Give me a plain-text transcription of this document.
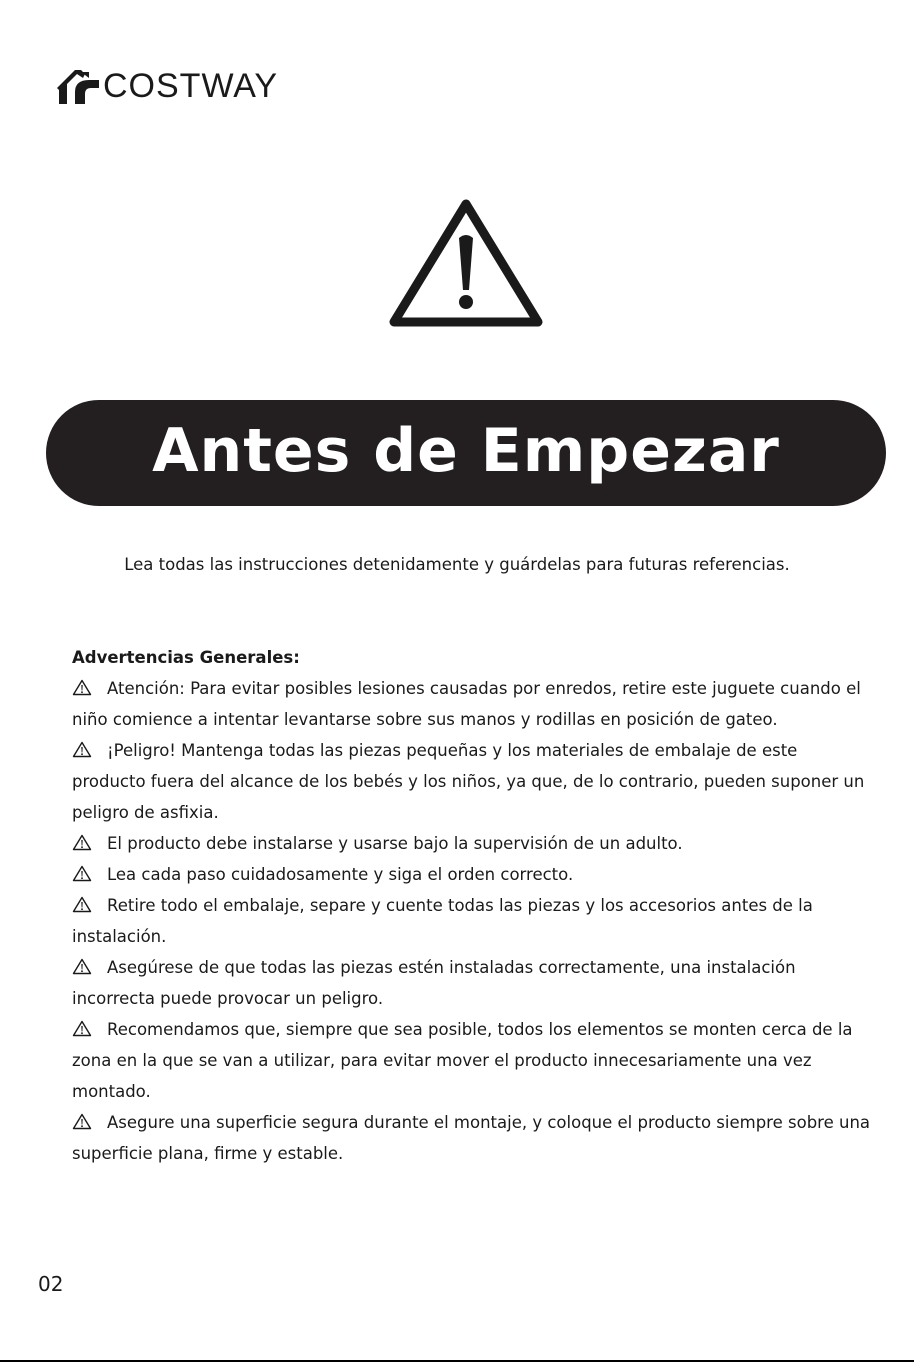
COSTWAY
Antes de Empezar
Lea todas las instrucciones detenidamente y guárdelas para futuras referencias.
Advertencias Generales:

Atención: Para evitar posibles lesiones causadas por enredos, retire este juguete cuando el niño comience a intentar levantarse sobre sus manos y rodillas en posición de gateo.

¡Peligro! Mantenga todas las piezas pequeñas y los materiales de embalaje de este producto fuera del alcance de los bebés y los niños, ya que, de lo contrario, pueden suponer un peligro de asfixia.

El producto debe instalarse y usarse bajo la supervisión de un adulto.

Lea cada paso cuidadosamente y siga el orden correcto.

Retire todo el embalaje, separe y cuente todas las piezas y los accesorios antes de la instalación.

Asegúrese de que todas las piezas estén instaladas correctamente, una instalación incorrecta puede provocar un peligro.

Recomendamos que, siempre que sea posible, todos los elementos se monten cerca de la zona en la que se van a utilizar, para evitar mover el producto innecesariamente una vez montado.

Asegure una superficie segura durante el montaje, y coloque el producto siempre sobre una superficie plana, firme y estable.

02
